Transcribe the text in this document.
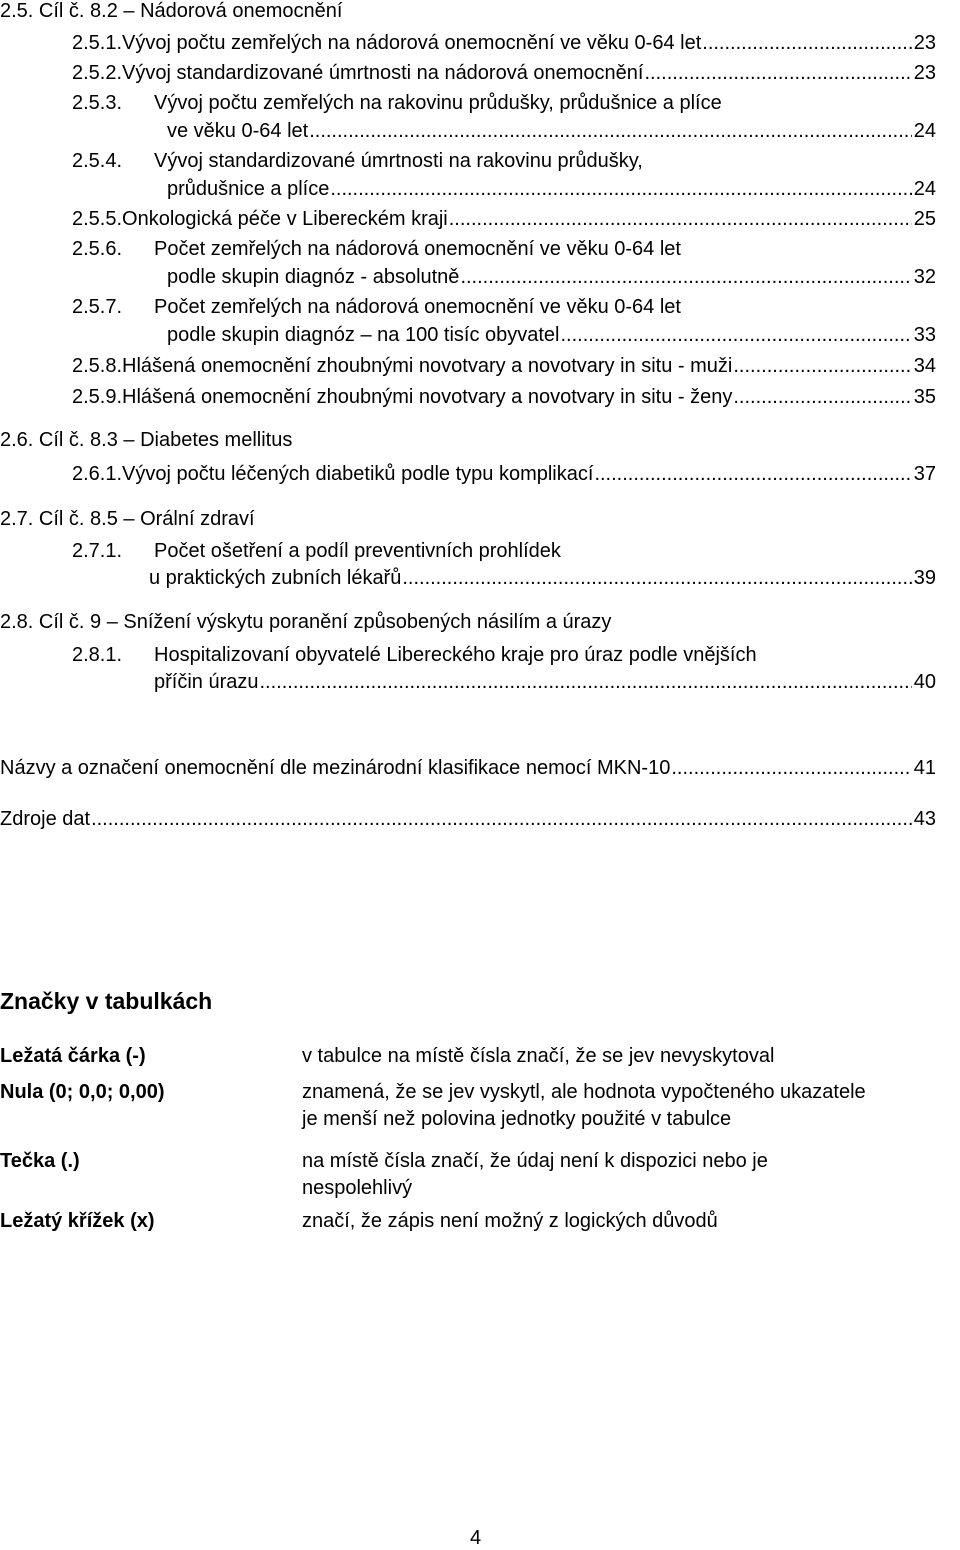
2.5. Cíl č. 8.2 – Nádorová onemocnění
2.5.1. Vývoj počtu zemřelých na nádorová onemocnění ve věku 0-64 let .....	23
2.5.2. Vývoj standardizované úmrtnosti na nádorová onemocnění .....	23
2.5.3. Vývoj počtu zemřelých na rakovinu průdušky, průdušnice a plíce
ve věku 0-64 let .....	24
2.5.4. Vývoj standardizované úmrtnosti na rakovinu průdušky,
průdušnice a plíce .....	24
2.5.5. Onkologická péče v Libereckém kraji .....	25
2.5.6. Počet zemřelých na nádorová onemocnění ve věku 0-64 let
podle skupin diagnóz - absolutně .....	32
2.5.7. Počet zemřelých na nádorová onemocnění ve věku 0-64 let
podle skupin diagnóz – na 100 tisíc obyvatel .....	33
2.5.8. Hlášená onemocnění zhoubnými novotvary a novotvary in situ - muži .....	34
2.5.9. Hlášená onemocnění zhoubnými novotvary a novotvary in situ - ženy .....	35
2.6. Cíl č. 8.3 – Diabetes mellitus
2.6.1. Vývoj počtu léčených diabetiků podle typu komplikací .....	37
2.7. Cíl č. 8.5 – Orální zdraví
2.7.1. Počet ošetření a podíl preventivních prohlídek
u praktických zubních lékařů .....	39
2.8. Cíl č. 9 – Snížení výskytu poranění způsobených násilím a úrazy
2.8.1. Hospitalizovaní obyvatelé Libereckého kraje pro úraz podle vnějších
příčin úrazu .....	40
Názvy a označení onemocnění dle mezinárodní klasifikace nemocí MKN-10 .....	41
Zdroje dat .....	43
Značky v tabulkách
Ležatá čárka (-)	v tabulce na místě čísla značí, že se jev nevyskytoval
Nula (0; 0,0; 0,00)	znamená, že se jev vyskytl, ale hodnota vypočteného ukazatele
je menší než polovina jednotky použité v tabulce
Tečka (.)	na místě čísla značí, že údaj není k dispozici nebo je
nespolehlivý
Ležatý křížek (x)	značí, že zápis není možný z logických důvodů
4
